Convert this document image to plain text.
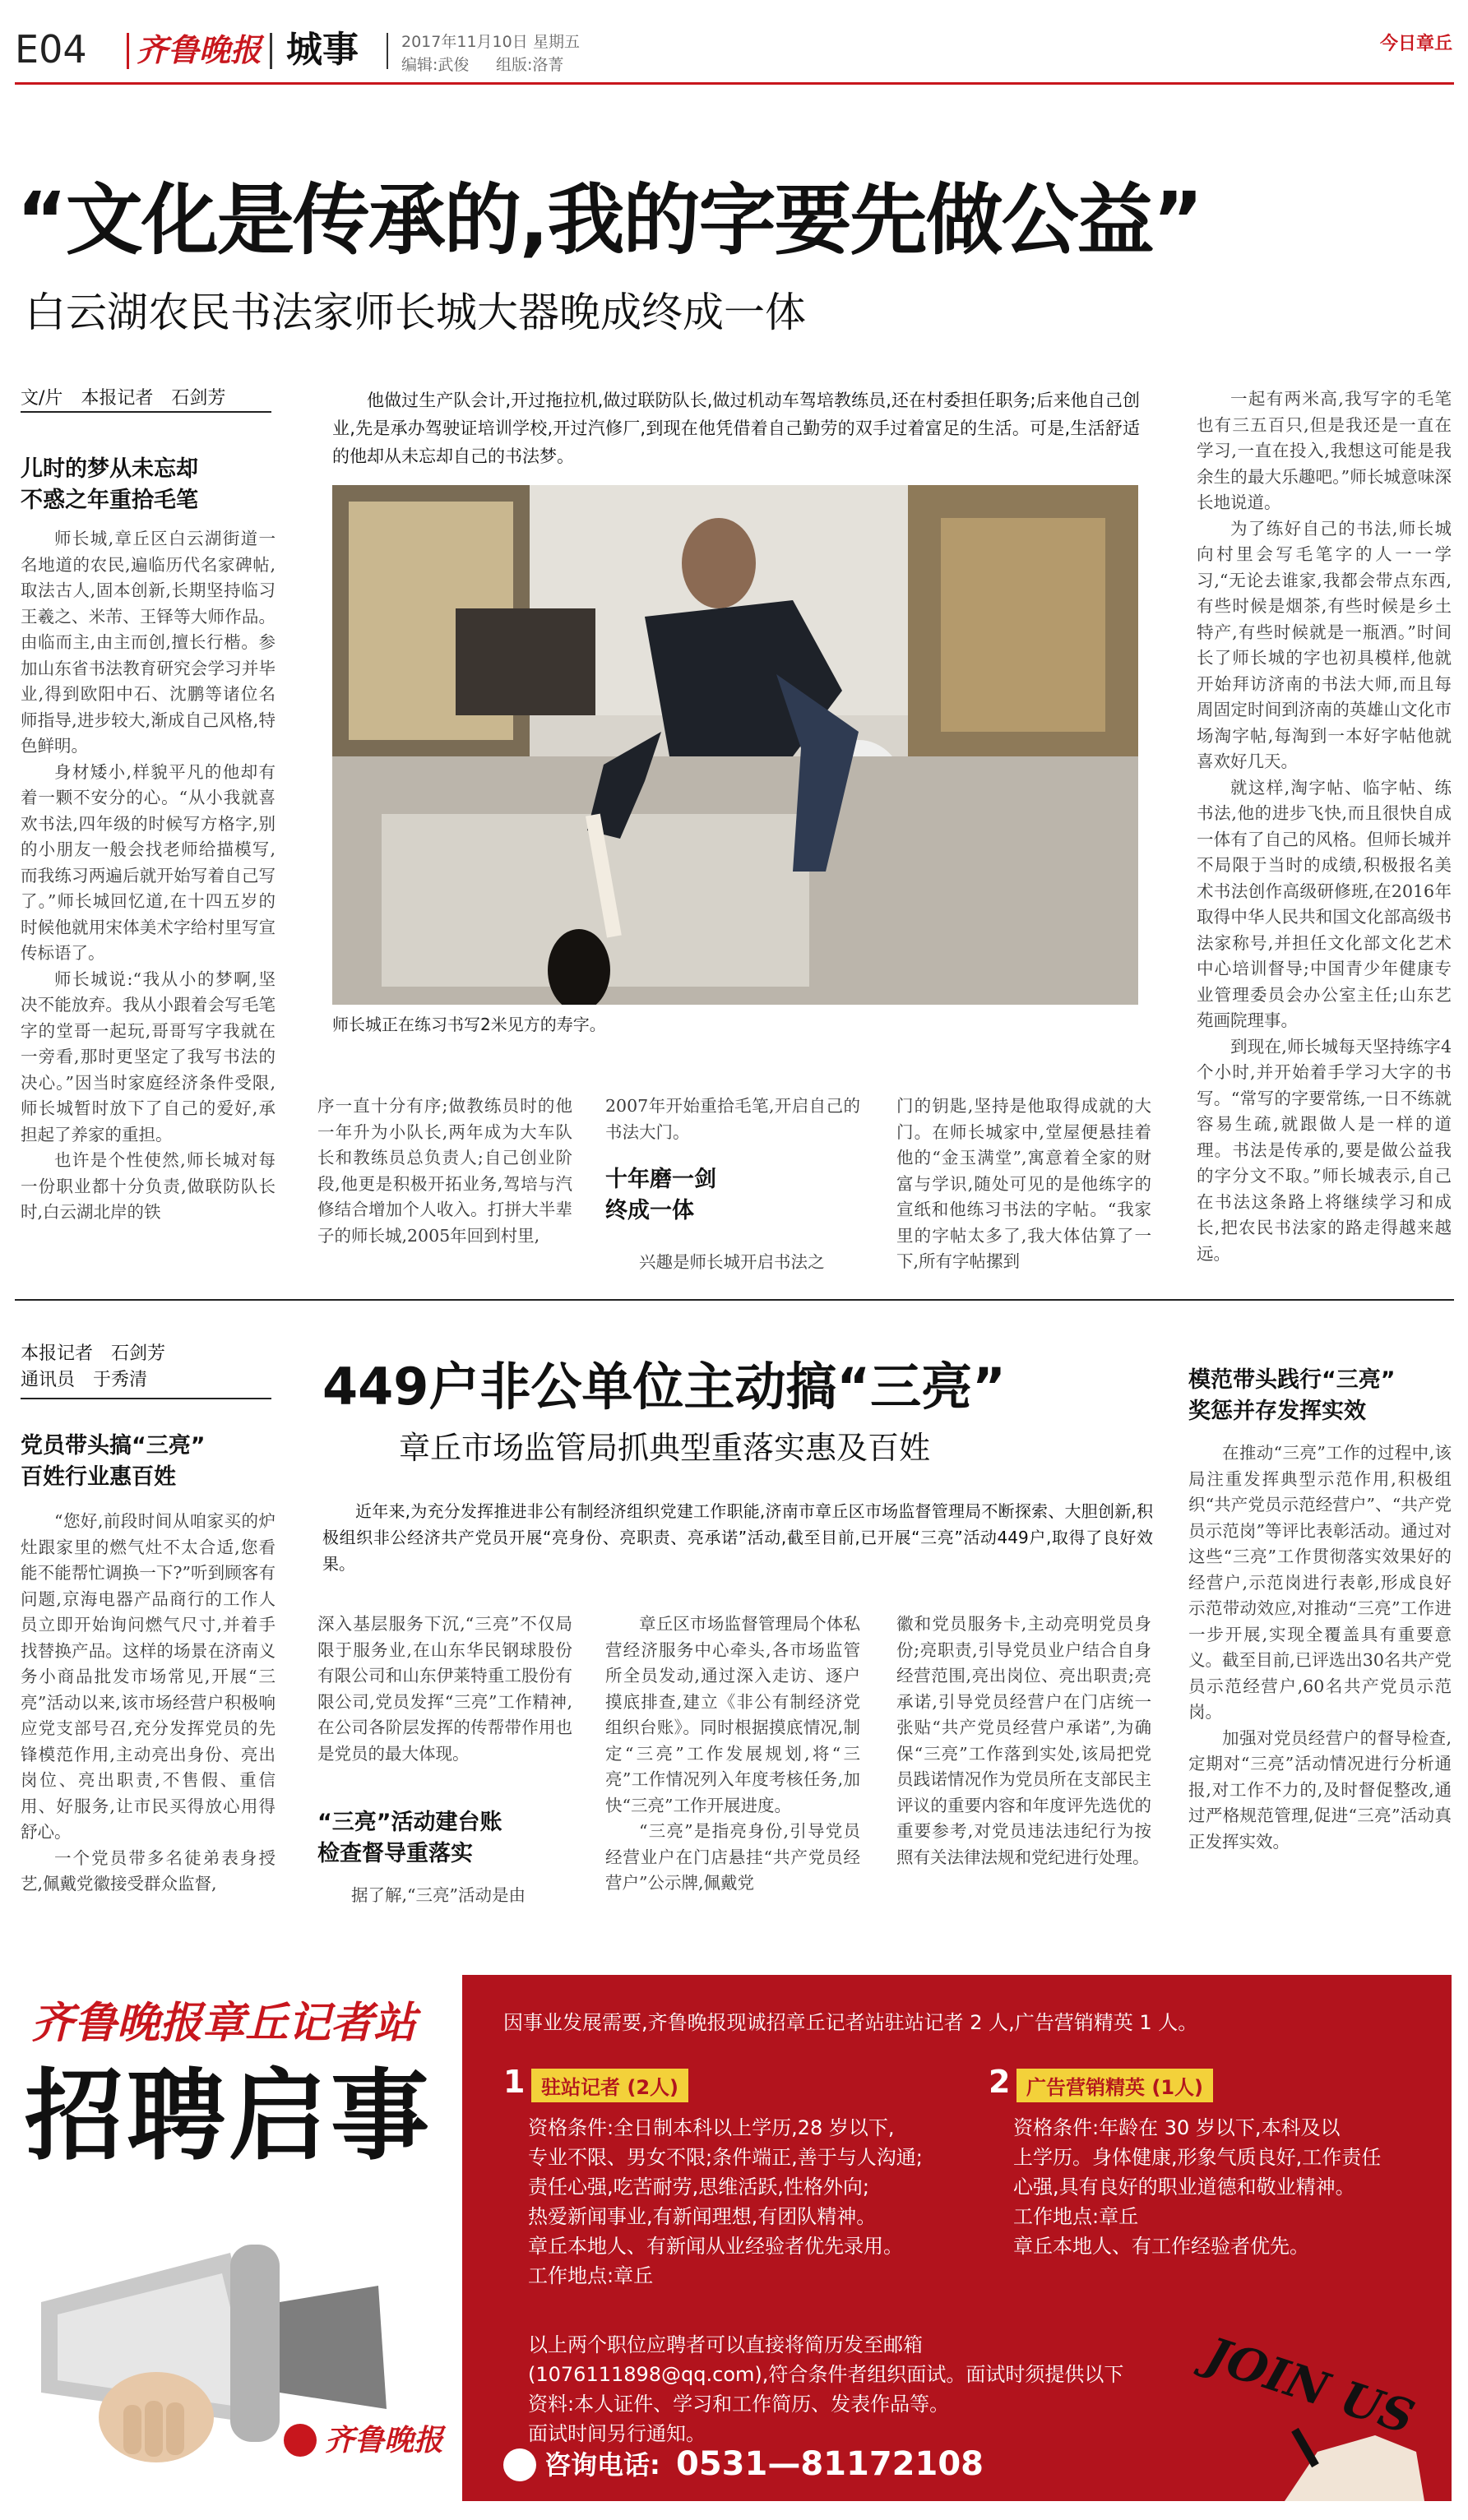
E04 齐鲁晚报 城事	2017年11月10日 星期五
编辑:武俊 组版:洛菁
今日章丘
“文化是传承的,我的字要先做公益”
白云湖农民书法家师长城大器晚成终成一体
文/片　本报记者　石剑芳
儿时的梦从未忘却
不惑之年重拾毛笔

师长城,章丘区白云湖街道一名地道的农民,遍临历代名家碑帖,取法古人,固本创新,长期坚持临习王羲之、米芾、王铎等大师作品。由临而主,由主而创,擅长行楷。参加山东省书法教育研究会学习并毕业,得到欧阳中石、沈鹏等诸位名师指导,进步较大,渐成自己风格,特色鲜明。

身材矮小,样貌平凡的他却有着一颗不安分的心。“从小我就喜欢书法,四年级的时候写方格字,别的小朋友一般会找老师给描模写,而我练习两遍后就开始写着自己写了。”师长城回忆道,在十四五岁的时候他就用宋体美术字给村里写宣传标语了。

师长城说:“我从小的梦啊,坚决不能放弃。我从小跟着会写毛笔字的堂哥一起玩,哥哥写字我就在一旁看,那时更坚定了我写书法的决心。”因当时家庭经济条件受限,师长城暂时放下了自己的爱好,承担起了养家的重担。

也许是个性使然,师长城对每一份职业都十分负责,做联防队长时,白云湖北岸的铁

他做过生产队会计,开过拖拉机,做过联防队长,做过机动车驾培教练员,还在村委担任职务;后来他自己创业,先是承办驾驶证培训学校,开过汽修厂,到现在他凭借着自己勤劳的双手过着富足的生活。可是,生活舒适的他却从未忘却自己的书法梦。
师长城正在练习书写2米见方的寿字。
序一直十分有序;做教练员时的他一年升为小队长,两年成为大车队长和教练员总负责人;自己创业阶段,他更是积极开拓业务,驾培与汽修结合增加个人收入。打拼大半辈子的师长城,2005年回到村里,
2007年开始重拾毛笔,开启自己的书法大门。
十年磨一剑
终成一体
兴趣是师长城开启书法之
门的钥匙,坚持是他取得成就的大门。在师长城家中,堂屋便悬挂着他的“金玉满堂”,寓意着全家的财富与学识,随处可见的是他练字的宣纸和他练习书法的字帖。“我家里的字帖太多了,我大体估算了一下,所有字帖摞到

一起有两米高,我写字的毛笔也有三五百只,但是我还是一直在学习,一直在投入,我想这可能是我余生的最大乐趣吧。”师长城意味深长地说道。

为了练好自己的书法,师长城向村里会写毛笔字的人一一学习,“无论去谁家,我都会带点东西,有些时候是烟茶,有些时候是乡土特产,有些时候就是一瓶酒。”时间长了师长城的字也初具模样,他就开始拜访济南的书法大师,而且每周固定时间到济南的英雄山文化市场淘字帖,每淘到一本好字帖他就喜欢好几天。

就这样,淘字帖、临字帖、练书法,他的进步飞快,而且很快自成一体有了自己的风格。但师长城并不局限于当时的成绩,积极报名美术书法创作高级研修班,在2016年取得中华人民共和国文化部高级书法家称号,并担任文化部文化艺术中心培训督导;中国青少年健康专业管理委员会办公室主任;山东艺苑画院理事。

到现在,师长城每天坚持练字4个小时,并开始着手学习大字的书写。“常写的字要常练,一日不练就容易生疏,就跟做人是一样的道理。书法是传承的,要是做公益我的字分文不取。”师长城表示,自己在书法这条路上将继续学习和成长,把农民书法家的路走得越来越远。

本报记者　石剑芳
通讯员　于秀清
党员带头搞“三亮”
百姓行业惠百姓

“您好,前段时间从咱家买的炉灶跟家里的燃气灶不太合适,您看能不能帮忙调换一下?”听到顾客有问题,京海电器产品商行的工作人员立即开始询问燃气尺寸,并着手找替换产品。这样的场景在济南义务小商品批发市场常见,开展“三亮”活动以来,该市场经营户积极响应党支部号召,充分发挥党员的先锋模范作用,主动亮出身份、亮出岗位、亮出职责,不售假、重信用、好服务,让市民买得放心用得舒心。

一个党员带多名徒弟表身授艺,佩戴党徽接受群众监督,

449户非公单位主动搞“三亮”
章丘市场监管局抓典型重落实惠及百姓
近年来,为充分发挥推进非公有制经济组织党建工作职能,济南市章丘区市场监督管理局不断探索、大胆创新,积极组织非公经济共产党员开展“亮身份、亮职责、亮承诺”活动,截至目前,已开展“三亮”活动449户,取得了良好效果。
深入基层服务下沉,“三亮”不仅局限于服务业,在山东华民钢球股份有限公司和山东伊莱特重工股份有限公司,党员发挥“三亮”工作精神,在公司各阶层发挥的传帮带作用也是党员的最大体现。
“三亮”活动建台账
检查督导重落实
据了解,“三亮”活动是由

章丘区市场监督管理局个体私营经济服务中心牵头,各市场监管所全员发动,通过深入走访、逐户摸底排查,建立《非公有制经济党组织台账》。同时根据摸底情况,制定“三亮”工作发展规划,将“三亮”工作情况列入年度考核任务,加快“三亮”工作开展进度。

“三亮”是指亮身份,引导党员经营业户在门店悬挂“共产党员经营户”公示牌,佩戴党

徽和党员服务卡,主动亮明党员身份;亮职责,引导党员业户结合自身经营范围,亮出岗位、亮出职责;亮承诺,引导党员经营户在门店统一张贴“共产党员经营户承诺”,为确保“三亮”工作落到实处,该局把党员践诺情况作为党员所在支部民主评议的重要内容和年度评先选优的重要参考,对党员违法违纪行为按照有关法律法规和党纪进行处理。
模范带头践行“三亮”
奖惩并存发挥实效

在推动“三亮”工作的过程中,该局注重发挥典型示范作用,积极组织“共产党员示范经营户”、“共产党员示范岗”等评比表彰活动。通过对这些“三亮”工作贯彻落实效果好的经营户,示范岗进行表彰,形成良好示范带动效应,对推动“三亮”工作进一步开展,实现全覆盖具有重要意义。截至目前,已评选出30名共产党员示范经营户,60名共产党员示范岗。

加强对党员经营户的督导检查,定期对“三亮”活动情况进行分析通报,对工作不力的,及时督促整改,通过严格规范管理,促进“三亮”活动真正发挥实效。

齐鲁晚报章丘记者站
招聘启事
齐鲁晚报
因事业发展需要,齐鲁晚报现诚招章丘记者站驻站记者 2 人,广告营销精英 1 人。
1 驻站记者 (2人)
资格条件:全日制本科以上学历,28 岁以下,
专业不限、男女不限;条件端正,善于与人沟通;
责任心强,吃苦耐劳,思维活跃,性格外向;
热爱新闻事业,有新闻理想,有团队精神。
章丘本地人、有新闻从业经验者优先录用。
工作地点:章丘
2 广告营销精英 (1人)
资格条件:年龄在 30 岁以下,本科及以
上学历。身体健康,形象气质良好,工作责任
心强,具有良好的职业道德和敬业精神。
工作地点:章丘
章丘本地人、有工作经验者优先。
以上两个职位应聘者可以直接将简历发至邮箱
(1076111898@qq.com),符合条件者组织面试。面试时须提供以下
资料:本人证件、学习和工作简历、发表作品等。
面试时间另行通知。
咨询电话: 0531—81172108
JOIN US
